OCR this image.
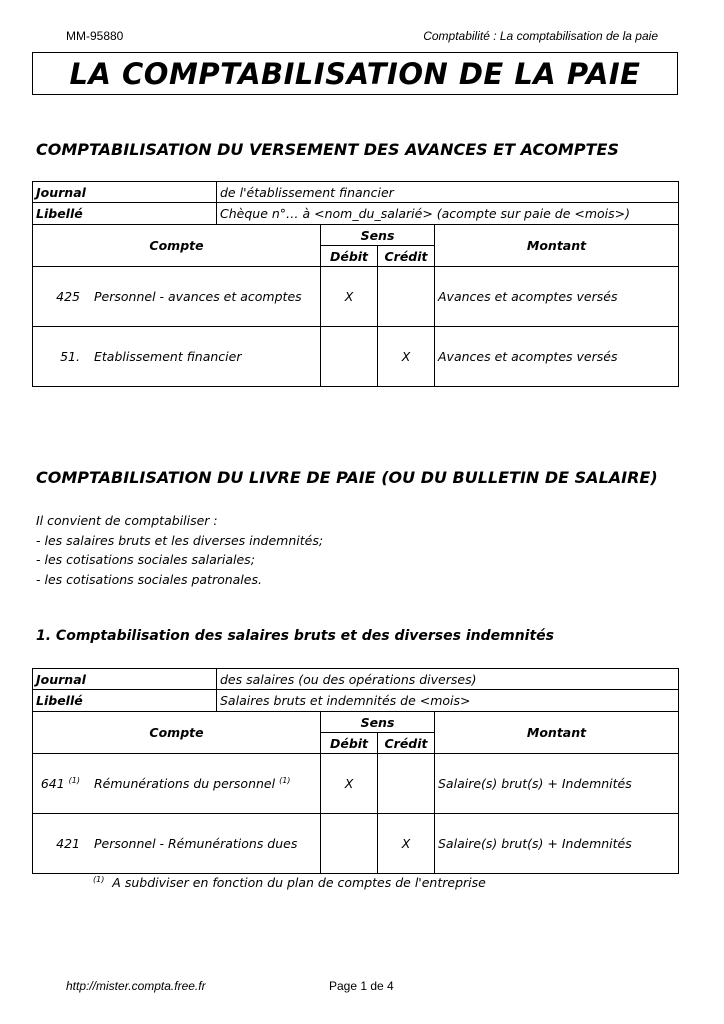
MM-95880	Comptabilité : La comptabilisation de la paie
LA COMPTABILISATION DE LA PAIE
COMPTABILISATION DU VERSEMENT DES AVANCES ET ACOMPTES
Journal	de l'établissement financier			
Libellé	Chèque n°… à <nom_du_salarié> (acompte sur paie de <mois>)			
Compte		Sens		Montant
		Débit	Crédit	
425 Personnel - avances et acomptes		X		Avances et acomptes versés
51. Etablissement financier			X	Avances et acomptes versés
COMPTABILISATION DU LIVRE DE PAIE (OU DU BULLETIN DE SALAIRE)
Il convient de comptabiliser :
- les salaires bruts et les diverses indemnités;
- les cotisations sociales salariales;
- les cotisations sociales patronales.
1. Comptabilisation des salaires bruts et des diverses indemnités
Journal	des salaires (ou des opérations diverses)			
Libellé	Salaires bruts et indemnités de <mois>			
Compte		Sens		Montant
		Débit	Crédit	
641 $^{(1)}$ Rémunérations du personnel $^{(1)}$		X		Salaire(s) brut(s) + Indemnités
421 Personnel - Rémunérations dues			X	Salaire(s) brut(s) + Indemnités
$^{(1)}$ A subdiviser en fonction du plan de comptes de l'entreprise
http://mister.compta.free.fr	Page 1 de 4
